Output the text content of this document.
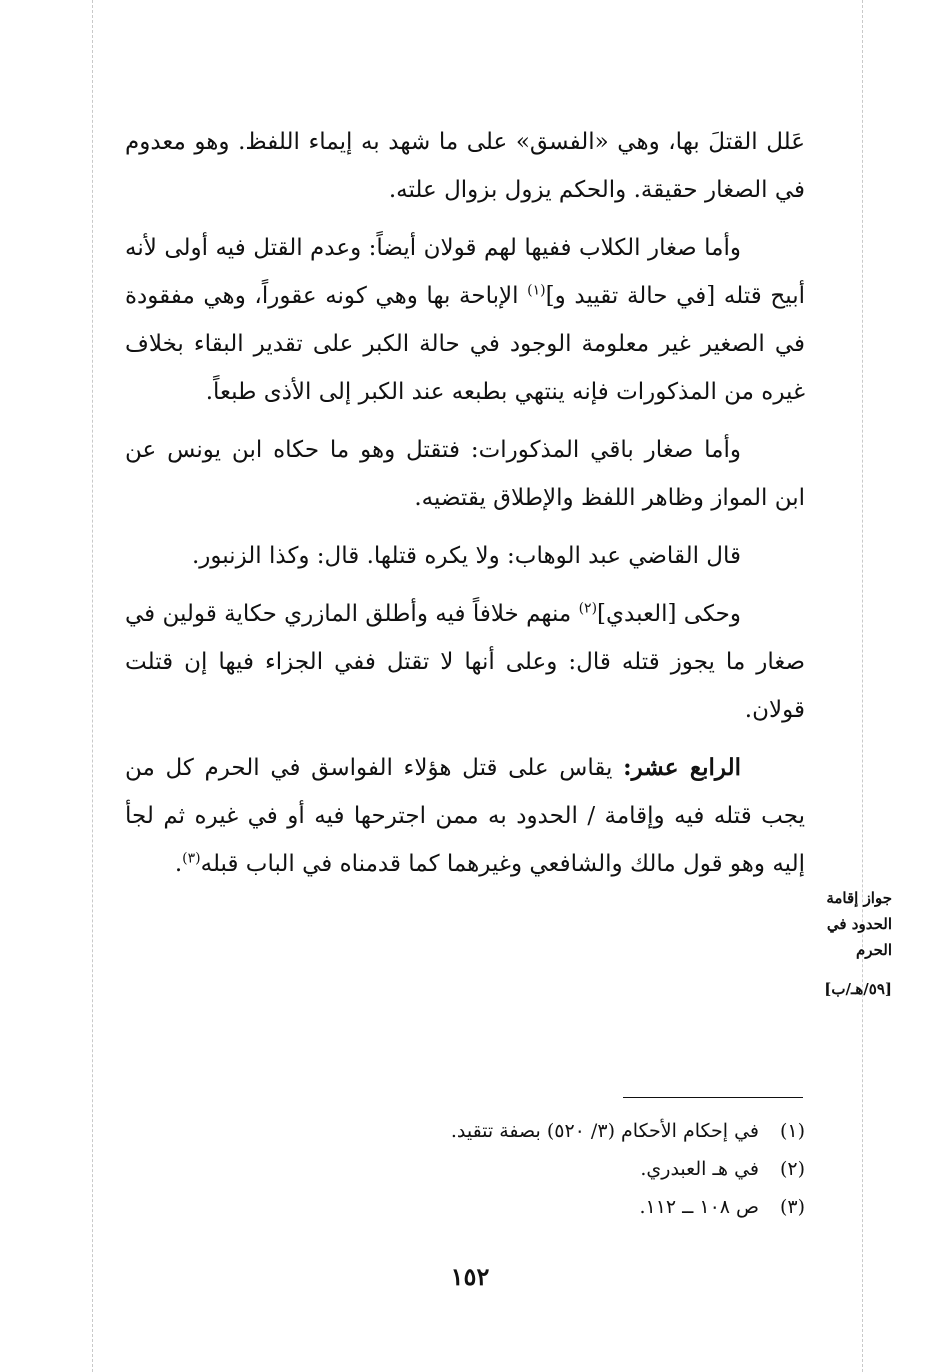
عَلل القتلَ بها، وهي «الفسق» على ما شهد به إيماء اللفظ. وهو معدوم في الصغار حقيقة. والحكم يزول بزوال علته.

وأما صغار الكلاب ففيها لهم قولان أيضاً: وعدم القتل فيه أولى لأنه أبيح قتله [في حالة تقييد و]$^{(١)}$ الإباحة بها وهي كونه عقوراً، وهي مفقودة في الصغير غير معلومة الوجود في حالة الكبر على تقدير البقاء بخلاف غيره من المذكورات فإنه ينتهي بطبعه عند الكبر إلى الأذى طبعاً.

وأما صغار باقي المذكورات: فتقتل وهو ما حكاه ابن يونس عن ابن المواز وظاهر اللفظ والإطلاق يقتضيه.

قال القاضي عبد الوهاب: ولا يكره قتلها. قال: وكذا الزنبور.

وحكى [العبدي]$^{(٢)}$ منهم خلافاً فيه وأطلق المازري حكاية قولين في صغار ما يجوز قتله قال: وعلى أنها لا تقتل ففي الجزاء فيها إن قتلت قولان.

الرابع عشر: يقاس على قتل هؤلاء الفواسق في الحرم كل من يجب قتله فيه وإقامة / الحدود به ممن اجترحها فيه أو في غيره ثم لجأ إليه وهو قول مالك والشافعي وغيرهما كما قدمناه في الباب قبله$^{(٣)}$.

جواز إقامة
الحدود في
الحرم
[٥٩/هـ/ب]
(١)في إحكام الأحكام (٣/ ٥٢٠) بصفة تتقيد.
(٢)في هـ العبدري.
(٣)ص ١٠٨ ــ ١١٢.
١٥٢
